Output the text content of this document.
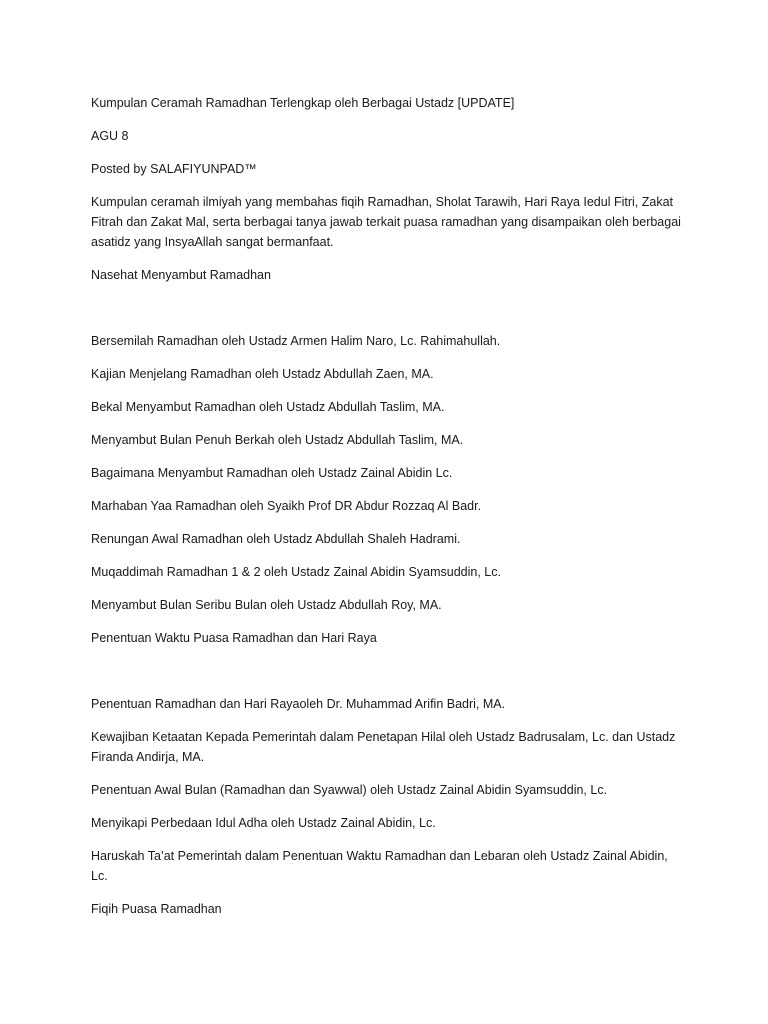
Kumpulan Ceramah Ramadhan Terlengkap oleh Berbagai Ustadz [UPDATE]

AGU 8

Posted by SALAFIYUNPAD™

Kumpulan ceramah ilmiyah yang membahas fiqih Ramadhan, Sholat Tarawih, Hari Raya Iedul Fitri, Zakat Fitrah dan Zakat Mal, serta berbagai tanya jawab terkait puasa ramadhan yang disampaikan oleh berbagai asatidz yang InsyaAllah sangat bermanfaat.

Nasehat Menyambut Ramadhan

Bersemilah Ramadhan oleh Ustadz Armen Halim Naro, Lc. Rahimahullah.

Kajian Menjelang Ramadhan oleh Ustadz Abdullah Zaen, MA.

Bekal Menyambut Ramadhan oleh Ustadz Abdullah Taslim, MA.

Menyambut Bulan Penuh Berkah oleh Ustadz Abdullah Taslim, MA.

Bagaimana Menyambut Ramadhan oleh Ustadz Zainal Abidin Lc.

Marhaban Yaa Ramadhan oleh Syaikh Prof DR Abdur Rozzaq Al Badr.

Renungan Awal Ramadhan oleh Ustadz Abdullah Shaleh Hadrami.

Muqaddimah Ramadhan 1 & 2 oleh Ustadz Zainal Abidin Syamsuddin, Lc.

Menyambut Bulan Seribu Bulan oleh Ustadz Abdullah Roy, MA.

Penentuan Waktu Puasa Ramadhan dan Hari Raya

Penentuan Ramadhan dan Hari Rayaoleh Dr. Muhammad Arifin Badri, MA.

Kewajiban Ketaatan Kepada Pemerintah dalam Penetapan Hilal oleh Ustadz Badrusalam, Lc. dan Ustadz Firanda Andirja, MA.

Penentuan Awal Bulan (Ramadhan dan Syawwal) oleh Ustadz Zainal Abidin Syamsuddin, Lc.

Menyikapi Perbedaan Idul Adha oleh Ustadz Zainal Abidin, Lc.

Haruskah Ta’at Pemerintah dalam Penentuan Waktu Ramadhan dan Lebaran oleh Ustadz Zainal Abidin, Lc.

Fiqih Puasa Ramadhan
